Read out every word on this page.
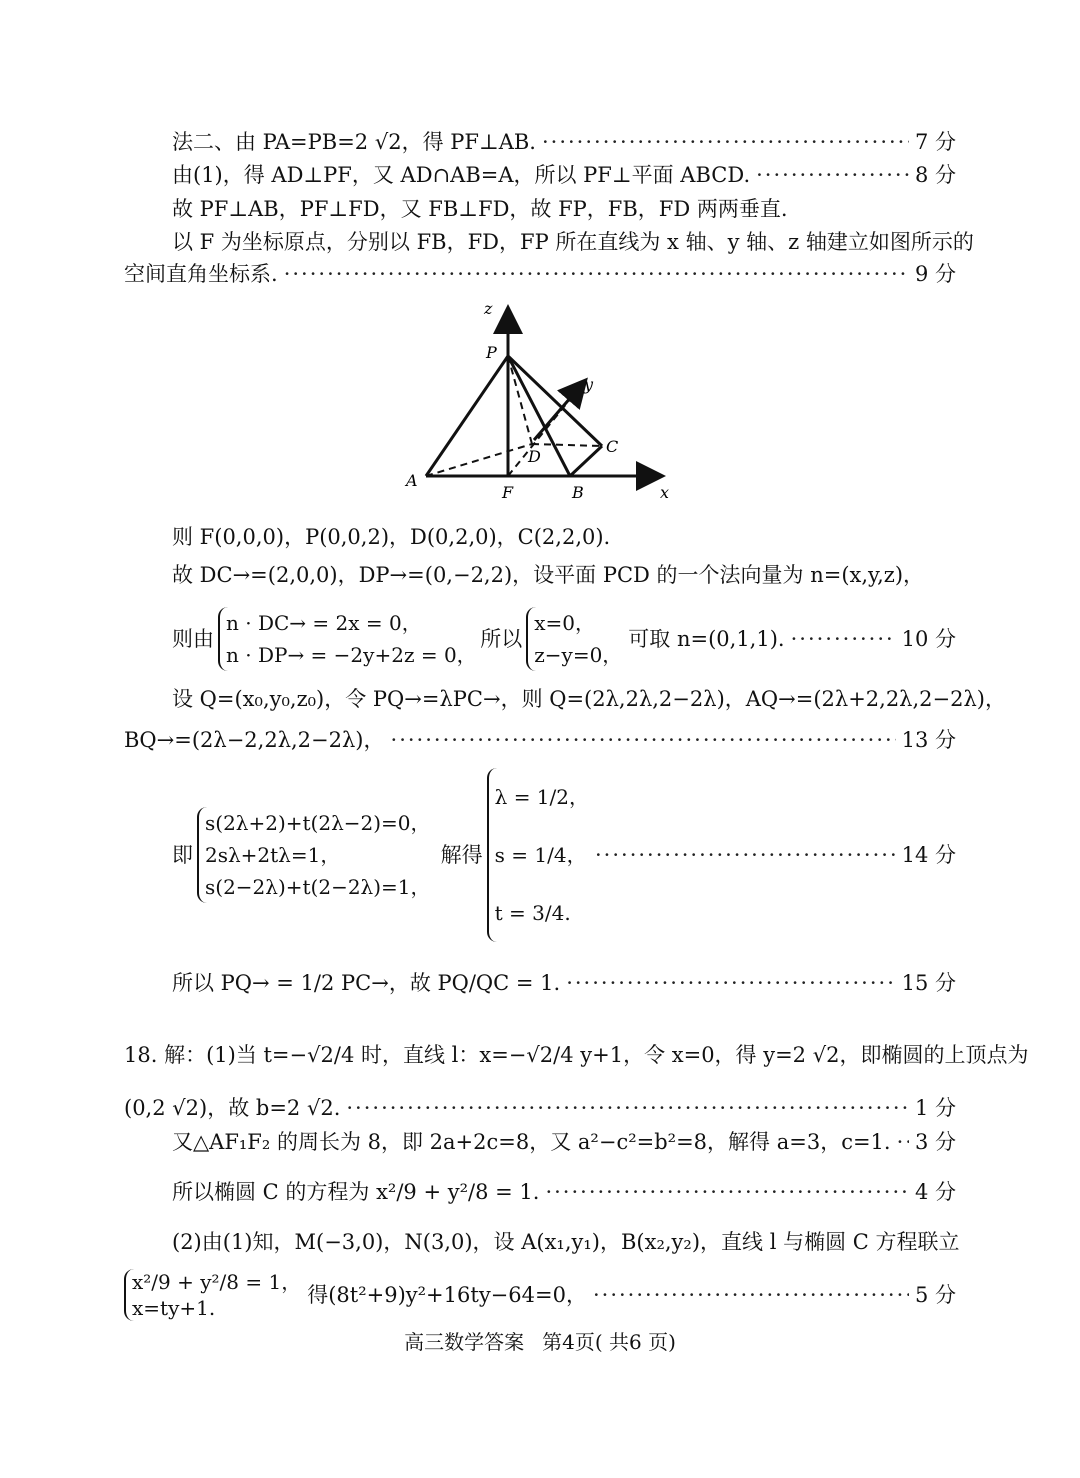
法二、由 PA=PB=2 √2，得 PF⊥AB. ·····	7 分
由(1)，得 AD⊥PF，又 AD∩AB=A，所以 PF⊥平面 ABCD. ·····	8 分
故 PF⊥AB，PF⊥FD，又 FB⊥FD，故 FP，FB，FD 两两垂直.
以 F 为坐标原点，分别以 FB，FD，FP 所在直线为 x 轴、y 轴、z 轴建立如图所示的
空间直角坐标系. ·····	9 分
z
P
y
C
D
A
F	B	x
则 F(0,0,0)，P(0,0,2)，D(0,2,0)，C(2,2,0).
故 DC→=(2,0,0)，DP→=(0,−2,2)，设平面 PCD 的一个法向量为 n=(x,y,z)，
则由
n · DC→ = 2x = 0，
n · DP→ = −2y+2z = 0，
所以
x=0，
z−y=0，
可取 n=(0,1,1). ·····	10 分
设 Q=(x₀,y₀,z₀)，令 PQ→=λPC→，则 Q=(2λ,2λ,2−2λ)，AQ→=(2λ+2,2λ,2−2λ)，
BQ→=(2λ−2,2λ,2−2λ)， ·····	13 分
即
s(2λ+2)+t(2λ−2)=0，
2sλ+2tλ=1，
s(2−2λ)+t(2−2λ)=1，
解得
λ = 1/2，
s = 1/4，
t = 3/4.
·····
14 分
所以 PQ→ = 1/2 PC→，故 PQ/QC = 1. ·····	15 分
18. 解：(1)当 t=−√2/4 时，直线 l：x=−√2/4 y+1，令 x=0，得 y=2 √2，即椭圆的上顶点为
(0,2 √2)，故 b=2 √2. ·····	1 分
又△AF₁F₂ 的周长为 8，即 2a+2c=8，又 a²−c²=b²=8，解得 a=3，c=1. ····· 3 分
所以椭圆 C 的方程为 x²/9 + y²/8 = 1. ·····	4 分
(2)由(1)知，M(−3,0)，N(3,0)，设 A(x₁,y₁)，B(x₂,y₂)，直线 l 与椭圆 C 方程联立
x²/9 + y²/8 = 1，
x=ty+1.
得(8t²+9)y²+16ty−64=0， ·····	5 分
高三数学答案 第4页( 共6 页)
